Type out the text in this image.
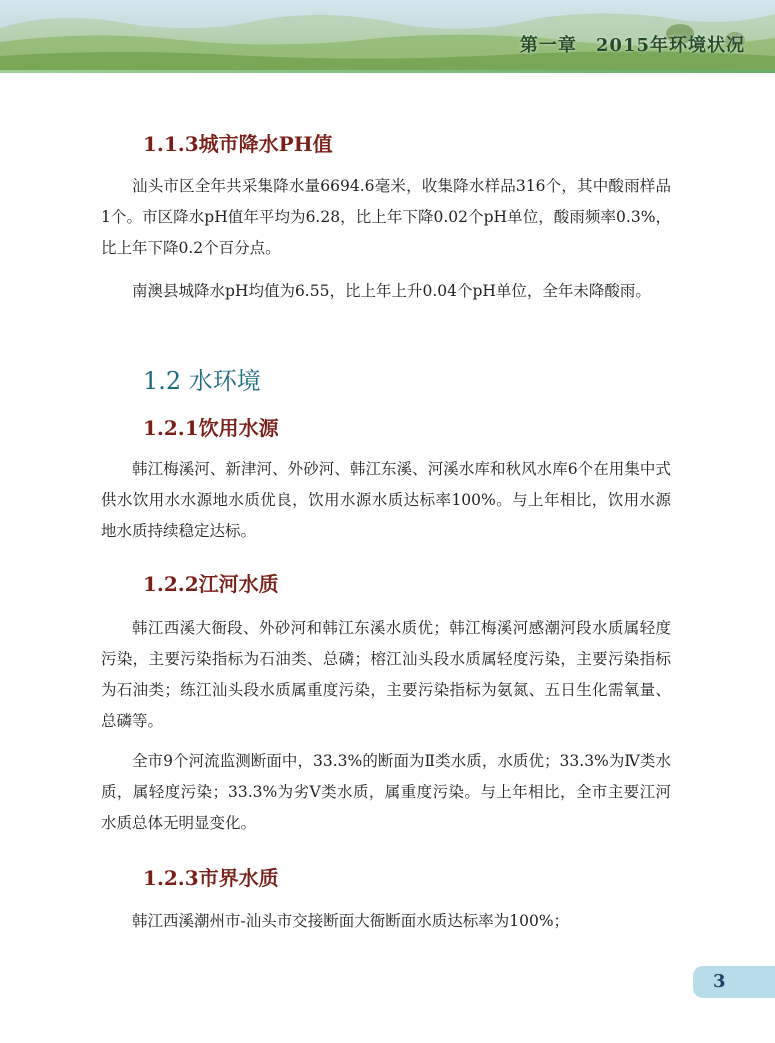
第一章　2015年环境状况
1.1.3城市降水PH值

汕头市区全年共采集降水量6694.6毫米，收集降水样品316个，其中酸雨样品1个。市区降水pH值年平均为6.28，比上年下降0.02个pH单位，酸雨频率0.3%，比上年下降0.2个百分点。

南澳县城降水pH均值为6.55，比上年上升0.04个pH单位，全年未降酸雨。

1.2 水环境
1.2.1饮用水源

韩江梅溪河、新津河、外砂河、韩江东溪、河溪水库和秋风水库6个在用集中式供水饮用水水源地水质优良，饮用水源水质达标率100%。与上年相比，饮用水源地水质持续稳定达标。

1.2.2江河水质

韩江西溪大衙段、外砂河和韩江东溪水质优；韩江梅溪河感潮河段水质属轻度污染，主要污染指标为石油类、总磷；榕江汕头段水质属轻度污染，主要污染指标为石油类；练江汕头段水质属重度污染，主要污染指标为氨氮、五日生化需氧量、总磷等。

全市9个河流监测断面中，33.3%的断面为Ⅱ类水质，水质优；33.3%为Ⅳ类水质，属轻度污染；33.3%为劣Ⅴ类水质，属重度污染。与上年相比，全市主要江河水质总体无明显变化。

1.2.3市界水质

韩江西溪潮州市-汕头市交接断面大衙断面水质达标率为100%；

3
